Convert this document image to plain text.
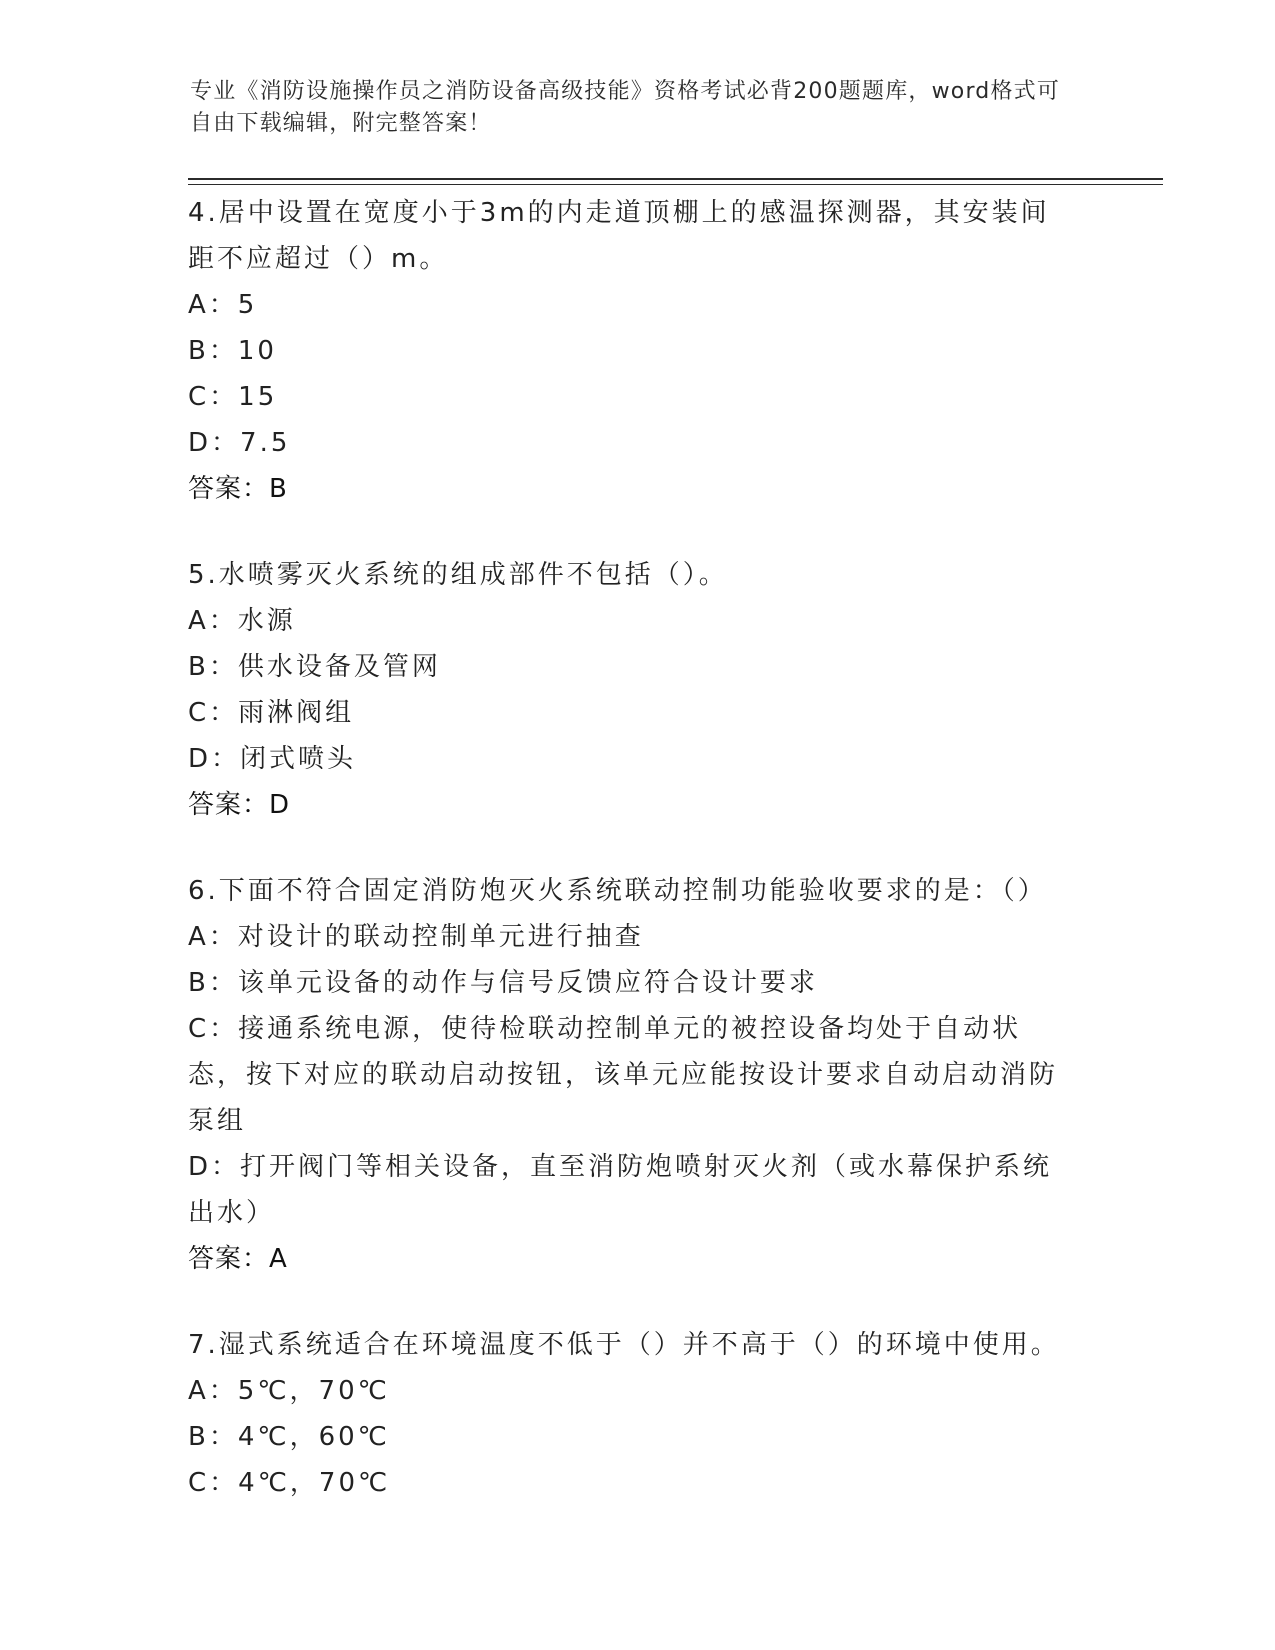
专业《消防设施操作员之消防设备高级技能》资格考试必背200题题库，word格式可自由下载编辑，附完整答案！
4.居中设置在宽度小于3m的内走道顶棚上的感温探测器，其安装间距不应超过（）m。
A：5
B：10
C：15
D：7.5
答案：B
5.水喷雾灭火系统的组成部件不包括（）。
A：水源
B：供水设备及管网
C：雨淋阀组
D：闭式喷头
答案：D
6.下面不符合固定消防炮灭火系统联动控制功能验收要求的是：（）
A：对设计的联动控制单元进行抽查
B：该单元设备的动作与信号反馈应符合设计要求
C：接通系统电源，使待检联动控制单元的被控设备均处于自动状态，按下对应的联动启动按钮，该单元应能按设计要求自动启动消防泵组
D：打开阀门等相关设备，直至消防炮喷射灭火剂（或水幕保护系统出水）
答案：A
7.湿式系统适合在环境温度不低于（）并不高于（）的环境中使用。
A：5℃，70℃
B：4℃，60℃
C：4℃，70℃
